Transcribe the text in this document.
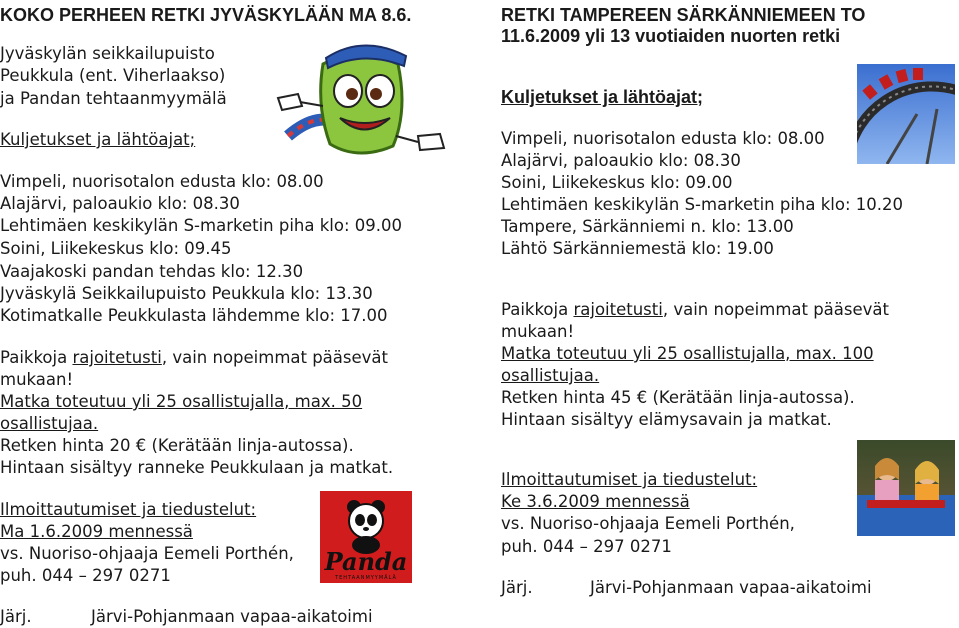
KOKO PERHEEN RETKI JYVÄSKYLÄÄN MA 8.6.
Jyväskylän seikkailupuisto
Peukkula (ent. Viherlaakso)
ja Pandan tehtaanmyymälä
Kuljetukset ja lähtöajat;
Vimpeli, nuorisotalon edusta klo: 08.00
Alajärvi, paloaukio klo: 08.30
Lehtimäen keskikylän S-marketin piha klo: 09.00
Soini, Liikekeskus klo: 09.45
Vaajakoski pandan tehdas klo: 12.30
Jyväskylä Seikkailupuisto Peukkula klo: 13.30
Kotimatkalle Peukkulasta lähdemme klo: 17.00
Paikkoja rajoitetusti, vain nopeimmat pääsevät
mukaan!
Matka toteutuu yli 25 osallistujalla, max. 50
osallistujaa.
Retken hinta 20 € (Kerätään linja-autossa).
Hintaan sisältyy ranneke Peukkulaan ja matkat.
Ilmoittautumiset ja tiedustelut:
Ma 1.6.2009 mennessä
vs. Nuoriso-ohjaaja Eemeli Porthén,
puh. 044 – 297 0271
Järj.	Järvi-Pohjanmaan vapaa-aikatoimi
Panda
TEHTAANMYYMÄLÄ
RETKI TAMPEREEN SÄRKÄNNIEMEEN TO
11.6.2009 yli 13 vuotiaiden nuorten retki
Kuljetukset ja lähtöajat;
Vimpeli, nuorisotalon edusta klo: 08.00
Alajärvi, paloaukio klo: 08.30
Soini, Liikekeskus klo: 09.00
Lehtimäen keskikylän S-marketin piha klo: 10.20
Tampere, Särkänniemi n. klo: 13.00
Lähtö Särkänniemestä klo: 19.00
Paikkoja rajoitetusti, vain nopeimmat pääsevät
mukaan!
Matka toteutuu yli 25 osallistujalla, max. 100
osallistujaa.
Retken hinta 45 € (Kerätään linja-autossa).
Hintaan sisältyy elämysavain ja matkat.
Ilmoittautumiset ja tiedustelut:
Ke 3.6.2009 mennessä
vs. Nuoriso-ohjaaja Eemeli Porthén,
puh. 044 – 297 0271
Järj.	Järvi-Pohjanmaan vapaa-aikatoimi
